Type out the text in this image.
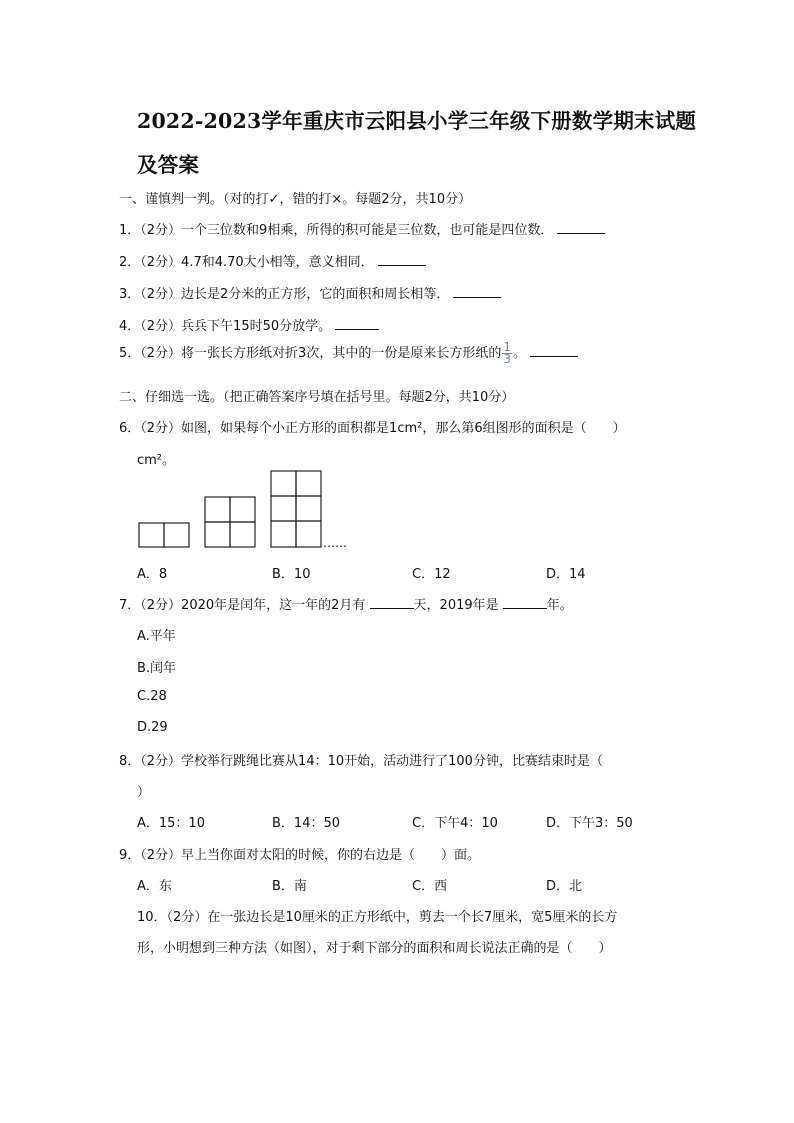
2022-2023学年重庆市云阳县小学三年级下册数学期末试题
及答案
一、谨慎判一判。（对的打✓，错的打×。每题2分，共10分）
1．（2分）一个三位数和9相乘，所得的积可能是三位数，也可能是四位数．
2．（2分）4.7和4.70大小相等，意义相同．
3．（2分）边长是2分米的正方形，它的面积和周长相等．
4．（2分）兵兵下午15时50分放学。
5．（2分）将一张长方形纸对折3次，其中的一份是原来长方形纸的 $\frac{1}{3}$ 。
二、仔细选一选。（把正确答案序号填在括号里。每题2分，共10分）
6．（2分）如图，如果每个小正方形的面积都是1cm²，那么第6组图形的面积是（　　）
cm²。
……
A．8	B．10	C．12	D．14
7．（2分）2020年是闰年，这一年的2月有	天，2019年是	年。
A.平年
B.闰年
C.28
D.29
8．（2分）学校举行跳绳比赛从14：10开始，活动进行了100分钟，比赛结束时是（
）
A．15：10	B．14：50	C．下午4：10	D．下午3：50
9．（2分）早上当你面对太阳的时候，你的右边是（　　）面。
A．东	B．南	C．西	D．北
10．（2分）在一张边长是10厘米的正方形纸中，剪去一个长7厘米，宽5厘米的长方
形，小明想到三种方法（如图），对于剩下部分的面积和周长说法正确的是（　　）
